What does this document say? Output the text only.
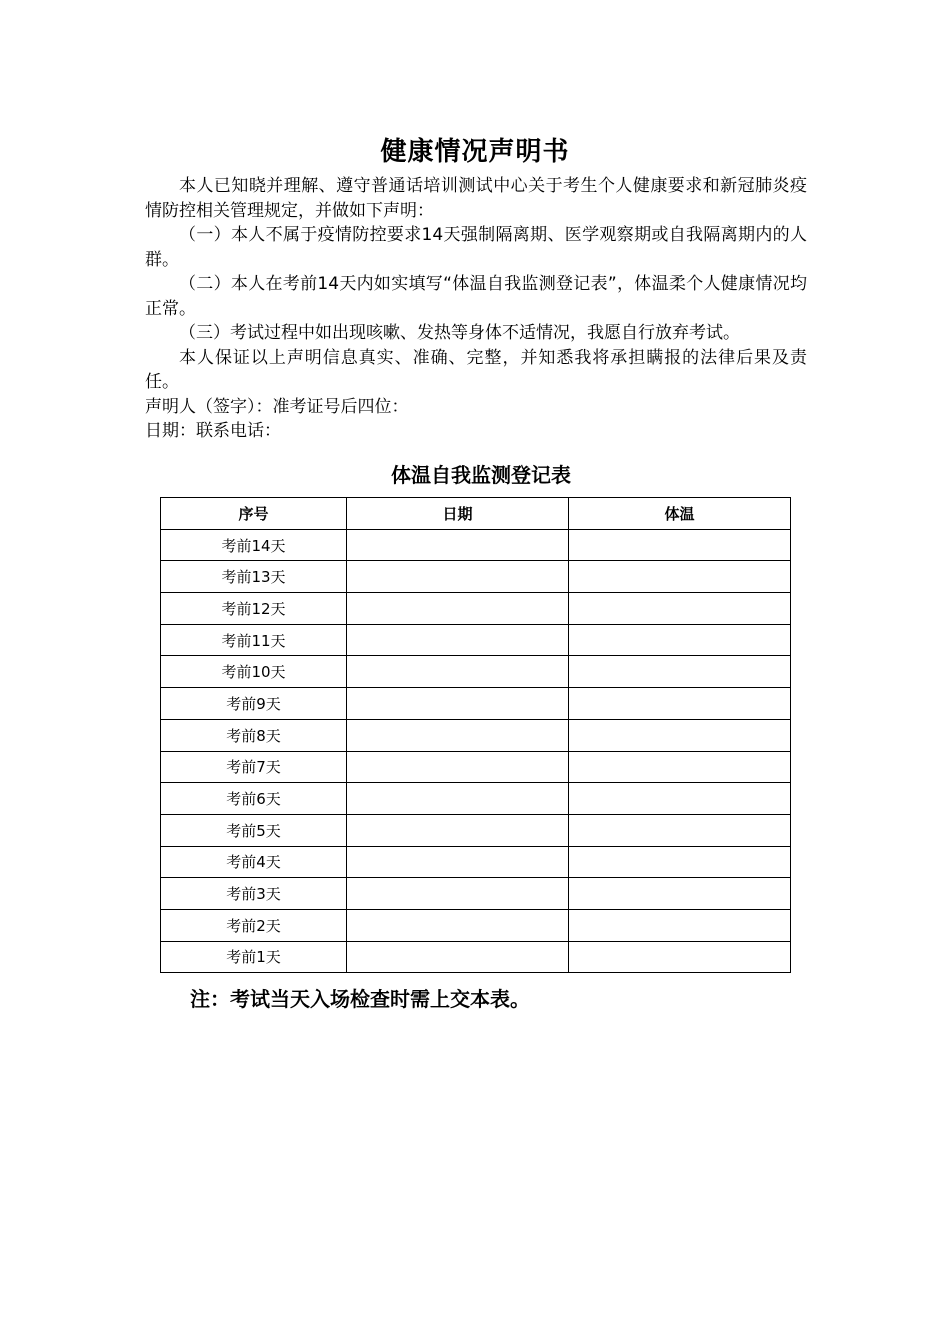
健康情况声明书

本人已知晓并理解、遵守普通话培训测试中心关于考生个人健康要求和新冠肺炎疫情防控相关管理规定，并做如下声明：

（一）本人不属于疫情防控要求14天强制隔离期、医学观察期或自我隔离期内的人群。

（二）本人在考前14天内如实填写“体温自我监测登记表”，体温柔个人健康情况均正常。

（三）考试过程中如出现咳嗽、发热等身体不适情况，我愿自行放弃考试。

本人保证以上声明信息真实、准确、完整，并知悉我将承担瞒报的法律后果及责任。

声明人（签字）：准考证号后四位：

日期：联系电话：

体温自我监测登记表
序号	日期	体温
考前14天		
考前13天		
考前12天		
考前11天		
考前10天		
考前9天		
考前8天		
考前7天		
考前6天		
考前5天		
考前4天		
考前3天		
考前2天		
考前1天		
注：考试当天入场检查时需上交本表。
